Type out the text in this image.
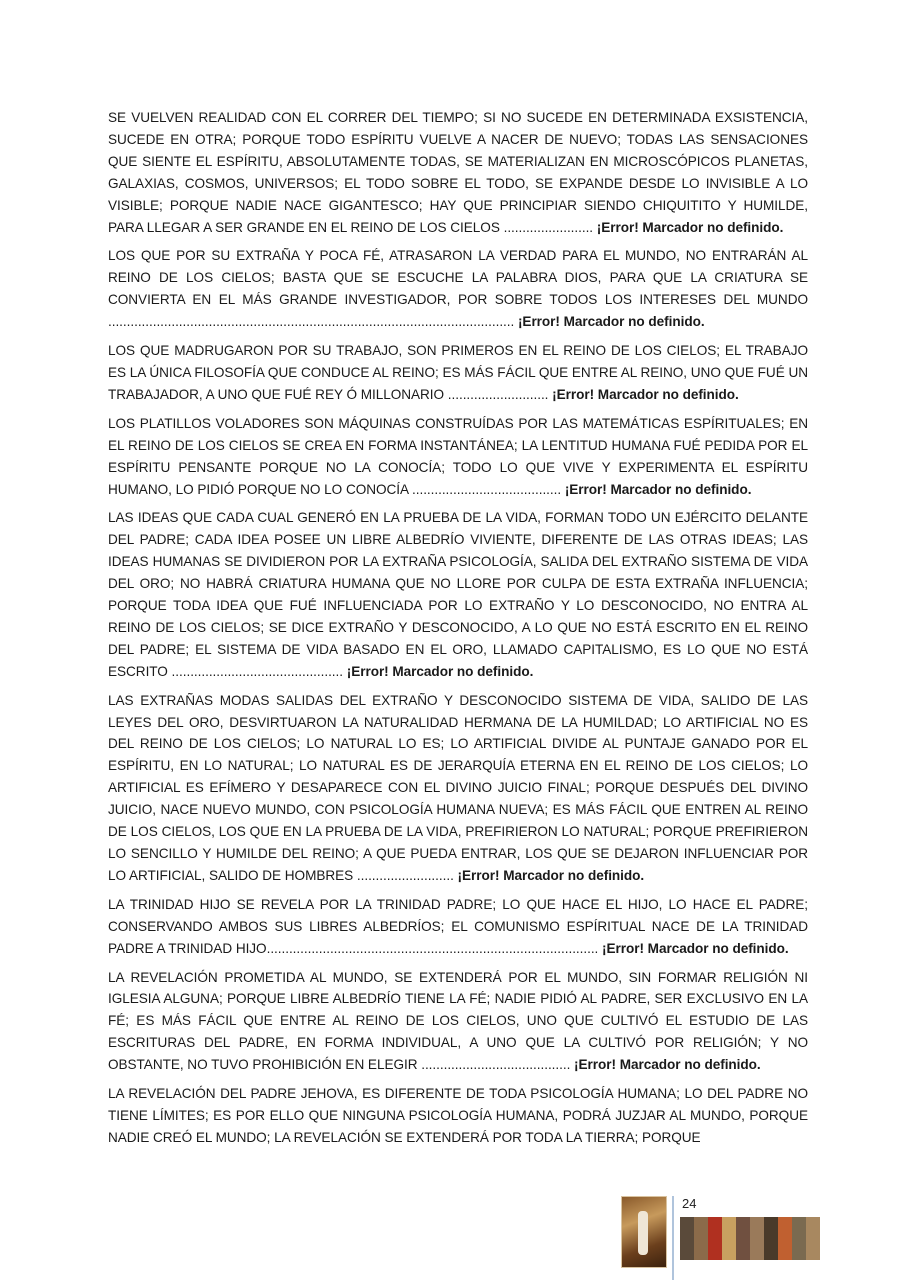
SE VUELVEN REALIDAD CON EL CORRER DEL TIEMPO; SI NO SUCEDE EN DETERMINADA EXSISTENCIA, SUCEDE EN OTRA; PORQUE TODO ESPÍRITU VUELVE A NACER DE NUEVO; TODAS LAS SENSACIONES QUE SIENTE EL ESPÍRITU, ABSOLUTAMENTE TODAS, SE MATERIALIZAN EN MICROSCÓPICOS PLANETAS, GALAXIAS, COSMOS, UNIVERSOS; EL TODO SOBRE EL TODO, SE EXPANDE DESDE LO INVISIBLE A LO VISIBLE; PORQUE NADIE NACE GIGANTESCO; HAY QUE PRINCIPIAR SIENDO CHIQUITITO Y HUMILDE, PARA LLEGAR A SER GRANDE EN EL REINO DE LOS CIELOS ........................ ¡Error! Marcador no definido.

LOS QUE POR SU EXTRAÑA Y POCA FÉ, ATRASARON LA VERDAD PARA EL MUNDO, NO ENTRARÁN AL REINO DE LOS CIELOS; BASTA QUE SE ESCUCHE LA PALABRA DIOS, PARA QUE LA CRIATURA SE CONVIERTA EN EL MÁS GRANDE INVESTIGADOR, POR SOBRE TODOS LOS INTERESES DEL MUNDO ............................................................................................................. ¡Error! Marcador no definido.

LOS QUE MADRUGARON POR SU TRABAJO, SON PRIMEROS EN EL REINO DE LOS CIELOS; EL TRABAJO ES LA ÚNICA FILOSOFÍA QUE CONDUCE AL REINO; ES MÁS FÁCIL QUE ENTRE AL REINO, UNO QUE FUÉ UN TRABAJADOR, A UNO QUE FUÉ REY Ó MILLONARIO ........................... ¡Error! Marcador no definido.

LOS PLATILLOS VOLADORES SON MÁQUINAS CONSTRUÍDAS POR LAS MATEMÁTICAS ESPÍRITUALES; EN EL REINO DE LOS CIELOS SE CREA EN FORMA INSTANTÁNEA; LA LENTITUD HUMANA FUÉ PEDIDA POR EL ESPÍRITU PENSANTE PORQUE NO LA CONOCÍA; TODO LO QUE VIVE Y EXPERIMENTA EL ESPÍRITU HUMANO, LO PIDIÓ PORQUE NO LO CONOCÍA ........................................ ¡Error! Marcador no definido.

LAS IDEAS QUE CADA CUAL GENERÓ EN LA PRUEBA DE LA VIDA, FORMAN TODO UN EJÉRCITO DELANTE DEL PADRE; CADA IDEA POSEE UN LIBRE ALBEDRÍO VIVIENTE, DIFERENTE DE LAS OTRAS IDEAS; LAS IDEAS HUMANAS SE DIVIDIERON POR LA EXTRAÑA PSICOLOGÍA, SALIDA DEL EXTRAÑO SISTEMA DE VIDA DEL ORO; NO HABRÁ CRIATURA HUMANA QUE NO LLORE POR CULPA DE ESTA EXTRAÑA INFLUENCIA; PORQUE TODA IDEA QUE FUÉ INFLUENCIADA POR LO EXTRAÑO Y LO DESCONOCIDO, NO ENTRA AL REINO DE LOS CIELOS; SE DICE EXTRAÑO Y DESCONOCIDO, A LO QUE NO ESTÁ ESCRITO EN EL REINO DEL PADRE; EL SISTEMA DE VIDA BASADO EN EL ORO, LLAMADO CAPITALISMO, ES LO QUE NO ESTÁ ESCRITO .............................................. ¡Error! Marcador no definido.

LAS EXTRAÑAS MODAS SALIDAS DEL EXTRAÑO Y DESCONOCIDO SISTEMA DE VIDA, SALIDO DE LAS LEYES DEL ORO, DESVIRTUARON LA NATURALIDAD HERMANA DE LA HUMILDAD; LO ARTIFICIAL NO ES DEL REINO DE LOS CIELOS; LO NATURAL LO ES; LO ARTIFICIAL DIVIDE AL PUNTAJE GANADO POR EL ESPÍRITU, EN LO NATURAL; LO NATURAL ES DE JERARQUÍA ETERNA EN EL REINO DE LOS CIELOS; LO ARTIFICIAL ES EFÍMERO Y DESAPARECE CON EL DIVINO JUICIO FINAL; PORQUE DESPUÉS DEL DIVINO JUICIO, NACE NUEVO MUNDO, CON PSICOLOGÍA HUMANA NUEVA; ES MÁS FÁCIL QUE ENTREN AL REINO DE LOS CIELOS, LOS QUE EN LA PRUEBA DE LA VIDA, PREFIRIERON LO NATURAL; PORQUE PREFIRIERON LO SENCILLO Y HUMILDE DEL REINO; A QUE PUEDA ENTRAR, LOS QUE SE DEJARON INFLUENCIAR POR LO ARTIFICIAL, SALIDO DE HOMBRES .......................... ¡Error! Marcador no definido.

LA TRINIDAD HIJO SE REVELA POR LA TRINIDAD PADRE; LO QUE HACE EL HIJO, LO HACE EL PADRE; CONSERVANDO AMBOS SUS LIBRES ALBEDRÍOS; EL COMUNISMO ESPÍRITUAL NACE DE LA TRINIDAD PADRE A TRINIDAD HIJO......................................................................................... ¡Error! Marcador no definido.

LA REVELACIÓN PROMETIDA AL MUNDO, SE EXTENDERÁ POR EL MUNDO, SIN FORMAR RELIGIÓN NI IGLESIA ALGUNA; PORQUE LIBRE ALBEDRÍO TIENE LA FÉ; NADIE PIDIÓ AL PADRE, SER EXCLUSIVO EN LA FÉ; ES MÁS FÁCIL QUE ENTRE AL REINO DE LOS CIELOS, UNO QUE CULTIVÓ EL ESTUDIO DE LAS ESCRITURAS DEL PADRE, EN FORMA INDIVIDUAL, A UNO QUE LA CULTIVÓ POR RELIGIÓN; Y NO OBSTANTE, NO TUVO PROHIBICIÓN EN ELEGIR ........................................ ¡Error! Marcador no definido.

LA REVELACIÓN DEL PADRE JEHOVA, ES DIFERENTE DE TODA PSICOLOGÍA HUMANA; LO DEL PADRE NO TIENE LÍMITES; ES POR ELLO QUE NINGUNA PSICOLOGÍA HUMANA, PODRÁ JUZJAR AL MUNDO, PORQUE NADIE CREÓ EL MUNDO; LA REVELACIÓN SE EXTENDERÁ POR TODA LA TIERRA; PORQUE

24
